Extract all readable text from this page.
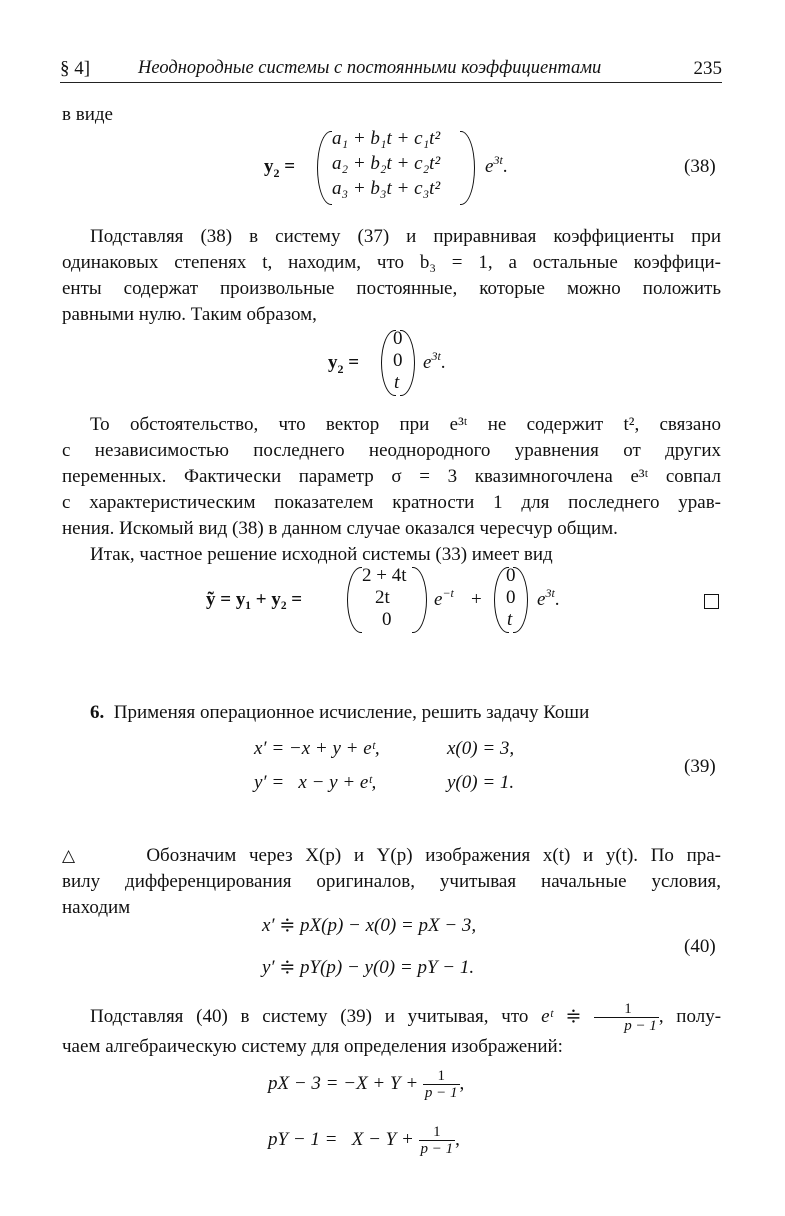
§ 4]	Неоднородные системы с постоянными коэффициентами	235
в виде
$y_2$ =
a₁ + b₁t + c₁t²
a₂ + b₂t + c₂t²
a₃ + b₃t + c₃t²
$e^{3t}$.	(38)
Подставляя (38) в систему (37) и приравнивая коэффициенты при
одинаковых степенях t, находим, что b₃ = 1, а остальные коэффици-
енты содержат произвольные постоянные, которые можно положить
равными нулю. Таким образом,
$y_2$ =
0
0
t
$e^{3t}$.
То обстоятельство, что вектор при e³ᵗ не содержит t², связано
с независимостью последнего неоднородного уравнения от других
переменных. Фактически параметр σ = 3 квазимногочлена e³ᵗ совпал
с характеристическим показателем кратности 1 для последнего урав-
нения. Искомый вид (38) в данном случае оказался чересчур общим.
Итак, частное решение исходной системы (33) имеет вид
ỹ = y₁ + y₂ =
2 + 4t
2t
0
$e^{-t}$ +
0
0
t
$e^{3t}$.
6. Применяя операционное исчисление, решить задачу Коши
x′ = −x + y + eᵗ,	x(0) = 3,
y′ =   x − y + eᵗ,	y(0) = 1.
(39)
△	Обозначим через X(p) и Y(p) изображения x(t) и y(t). По пра-
вилу дифференцирования оригиналов, учитывая начальные условия,
находим
x′ ≑ pX(p) − x(0) = pX − 3,
y′ ≑ pY(p) − y(0) = pY − 1.
(40)
Подставляя (40) в систему (39) и учитывая, что eᵗ ≑ $\frac{1}{p - 1}$ , полу-
чаем алгебраическую систему для определения изображений:
pX − $3 = -X + Y + \frac{1}{p - 1}$ ,
pY − $1 = X - Y + \frac{1}{p - 1}$ ,
